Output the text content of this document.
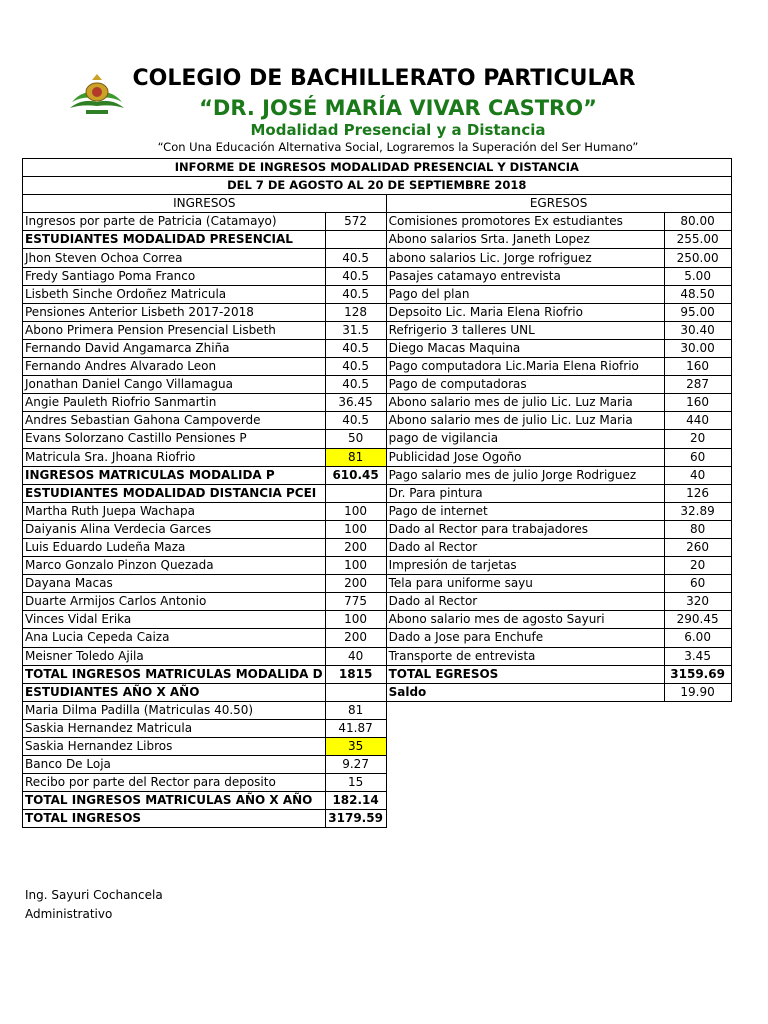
COLEGIO DE BACHILLERATO PARTICULAR
“DR. JOSÉ MARÍA VIVAR CASTRO”
Modalidad Presencial y a Distancia
“Con Una Educación Alternativa Social, Lograremos la Superación del Ser Humano”
INFORME DE INGRESOS MODALIDAD PRESENCIAL Y DISTANCIA			
DEL 7 DE AGOSTO AL 20 DE SEPTIEMBRE 2018			
INGRESOS		EGRESOS	
Ingresos por parte de Patricia (Catamayo)	572	Comisiones promotores Ex estudiantes	80.00
ESTUDIANTES MODALIDAD PRESENCIAL		Abono salarios Srta. Janeth Lopez	255.00
Jhon Steven Ochoa Correa	40.5	abono salarios Lic. Jorge rofriguez	250.00
Fredy Santiago Poma Franco	40.5	Pasajes catamayo entrevista	5.00
Lisbeth Sinche Ordoñez Matricula	40.5	Pago del plan	48.50
Pensiones Anterior Lisbeth 2017-2018	128	Depsoito Lic. Maria Elena Riofrio	95.00
Abono Primera Pension Presencial Lisbeth	31.5	Refrigerio 3 talleres UNL	30.40
Fernando David Angamarca Zhiña	40.5	Diego Macas Maquina	30.00
Fernando Andres Alvarado Leon	40.5	Pago computadora Lic.Maria Elena Riofrio	160
Jonathan Daniel Cango Villamagua	40.5	Pago de computadoras	287
Angie Pauleth Riofrio Sanmartin	36.45	Abono salario mes de julio Lic. Luz Maria	160
Andres Sebastian Gahona Campoverde	40.5	Abono salario mes de julio Lic. Luz Maria	440
Evans Solorzano Castillo Pensiones P	50	pago de vigilancia	20
Matricula Sra. Jhoana Riofrio	81	Publicidad Jose Ogoño	60
INGRESOS MATRICULAS MODALIDA P	610.45	Pago salario mes de julio Jorge Rodriguez	40
ESTUDIANTES MODALIDAD DISTANCIA PCEI		Dr. Para pintura	126
Martha Ruth Juepa Wachapa	100	Pago de internet	32.89
Daiyanis Alina Verdecia Garces	100	Dado al Rector para trabajadores	80
Luis Eduardo Ludeña Maza	200	Dado al Rector	260
Marco Gonzalo Pinzon Quezada	100	Impresión de tarjetas	20
Dayana Macas	200	Tela para uniforme sayu	60
Duarte Armijos Carlos Antonio	775	Dado al Rector	320
Vinces Vidal Erika	100	Abono salario mes de agosto Sayuri	290.45
Ana Lucia Cepeda Caiza	200	Dado a Jose para Enchufe	6.00
Meisner Toledo Ajila	40	Transporte de entrevista	3.45
TOTAL INGRESOS MATRICULAS MODALIDA D	1815	TOTAL EGRESOS	3159.69
ESTUDIANTES AÑO X AÑO		Saldo	19.90
Maria Dilma Padilla (Matriculas 40.50)	81		
Saskia Hernandez Matricula	41.87		
Saskia Hernandez Libros	35		
Banco De Loja	9.27		
Recibo por parte del Rector para deposito	15		
TOTAL INGRESOS MATRICULAS AÑO X AÑO	182.14		
TOTAL INGRESOS	3179.59		
Ing. Sayuri Cochancela
Administrativo
